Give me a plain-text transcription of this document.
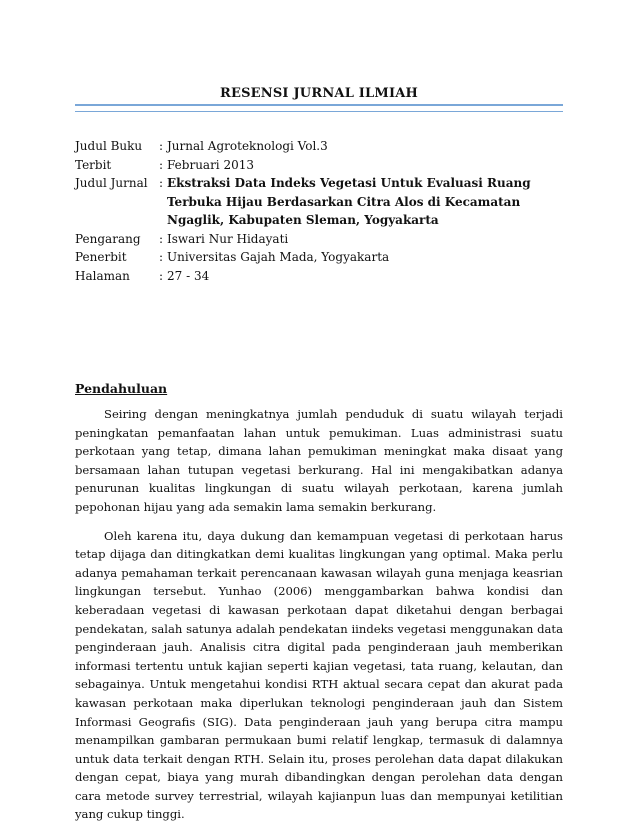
RESENSI JURNAL ILMIAH
Judul Buku	: Jurnal Agroteknologi Vol.3
Terbit	: Februari 2013
Judul Jurnal : Ekstraksi Data Indeks Vegetasi Untuk Evaluasi Ruang Terbuka Hijau Berdasarkan Citra Alos di Kecamatan Ngaglik, Kabupaten Sleman, Yogyakarta
Pengarang	: Iswari Nur Hidayati
Penerbit	: Universitas Gajah Mada, Yogyakarta
Halaman	: 27 - 34
Pendahuluan

Seiring dengan meningkatnya jumlah penduduk di suatu wilayah terjadi peningkatan pemanfaatan lahan untuk pemukiman. Luas administrasi suatu perkotaan yang tetap, dimana lahan pemukiman meningkat maka disaat yang bersamaan lahan tutupan vegetasi berkurang. Hal ini mengakibatkan adanya penurunan kualitas lingkungan di suatu wilayah perkotaan, karena jumlah pepohonan hijau yang ada semakin lama semakin berkurang.

Oleh karena itu, daya dukung dan kemampuan vegetasi di perkotaan harus tetap dijaga dan ditingkatkan demi kualitas lingkungan yang optimal. Maka perlu adanya pemahaman terkait perencanaan kawasan wilayah guna menjaga keasrian lingkungan tersebut. Yunhao (2006) menggambarkan bahwa kondisi dan keberadaan vegetasi di kawasan perkotaan dapat diketahui dengan berbagai pendekatan, salah satunya adalah pendekatan iindeks vegetasi menggunakan data penginderaan jauh. Analisis citra digital pada penginderaan jauh memberikan informasi tertentu untuk kajian seperti kajian vegetasi, tata ruang, kelautan, dan sebagainya. Untuk mengetahui kondisi RTH aktual secara cepat dan akurat pada kawasan perkotaan maka diperlukan teknologi penginderaan jauh dan Sistem Informasi Geografis (SIG). Data penginderaan jauh yang berupa citra mampu menampilkan gambaran permukaan bumi relatif lengkap, termasuk di dalamnya untuk data terkait dengan RTH. Selain itu, proses perolehan data dapat dilakukan dengan cepat, biaya yang murah dibandingkan dengan perolehan data dengan cara metode survey terrestrial, wilayah kajianpun luas dan mempunyai ketilitian yang cukup tinggi.
